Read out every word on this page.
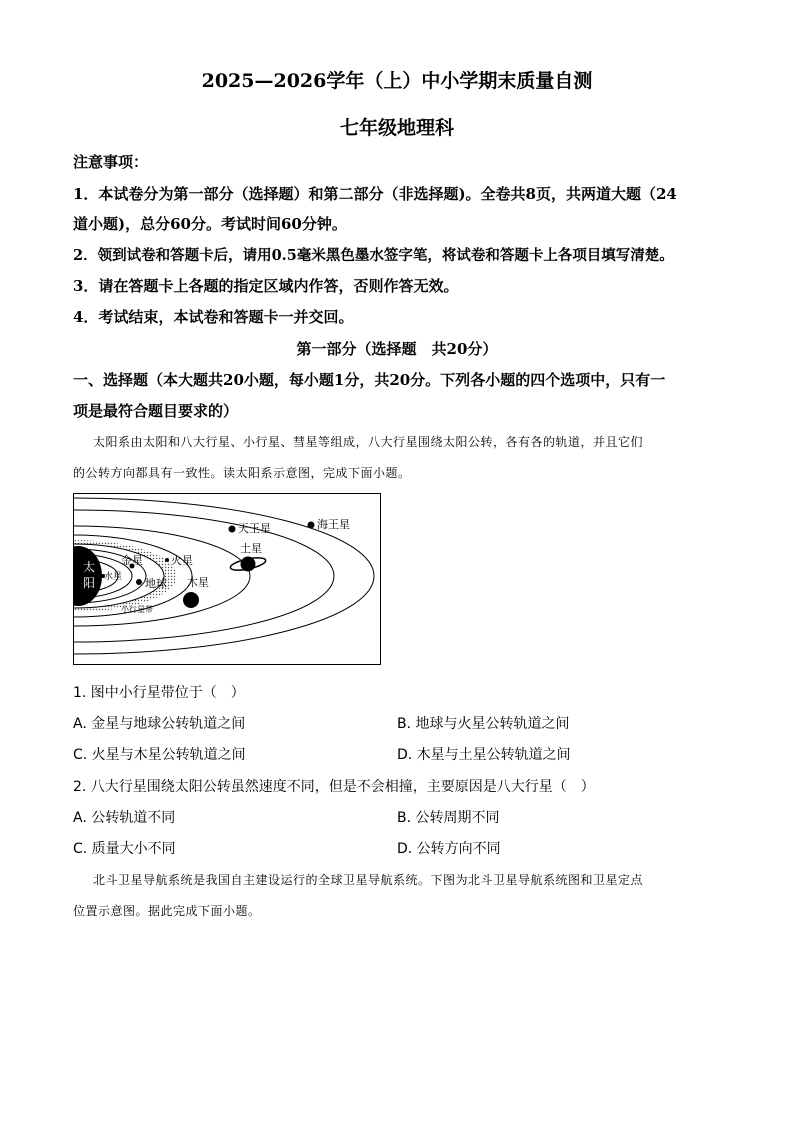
2025—2026学年（上）中小学期末质量自测
七年级地理科
注意事项：
1．本试卷分为第一部分（选择题）和第二部分（非选择题)。全卷共8页，共两道大题（24
道小题)，总分60分。考试时间60分钟。
2．领到试卷和答题卡后，请用0.5毫米黑色墨水签字笔，将试卷和答题卡上各项目填写清楚。
3．请在答题卡上各题的指定区域内作答，否则作答无效。
4．考试结束，本试卷和答题卡一并交回。
第一部分（选择题　共20分）
一、选择题（本大题共20小题，每小题1分，共20分。下列各小题的四个选项中，只有一
项是最符合题目要求的）
太阳系由太阳和八大行星、小行星、彗星等组成，八大行星围绕太阳公转，各有各的轨道，并且它们
的公转方向都具有一致性。读太阳系示意图，完成下面小题。
太
阳 水星
金星
地球
火星
小行星带
木星
土星
天王星	海王星
1. 图中小行星带位于（　）
A. 金星与地球公转轨道之间	B. 地球与火星公转轨道之间
C. 火星与木星公转轨道之间	D. 木星与土星公转轨道之间
2. 八大行星围绕太阳公转虽然速度不同，但是不会相撞，主要原因是八大行星（　）
A. 公转轨道不同	B. 公转周期不同
C. 质量大小不同	D. 公转方向不同
北斗卫星导航系统是我国自主建设运行的全球卫星导航系统。下图为北斗卫星导航系统图和卫星定点
位置示意图。据此完成下面小题。
